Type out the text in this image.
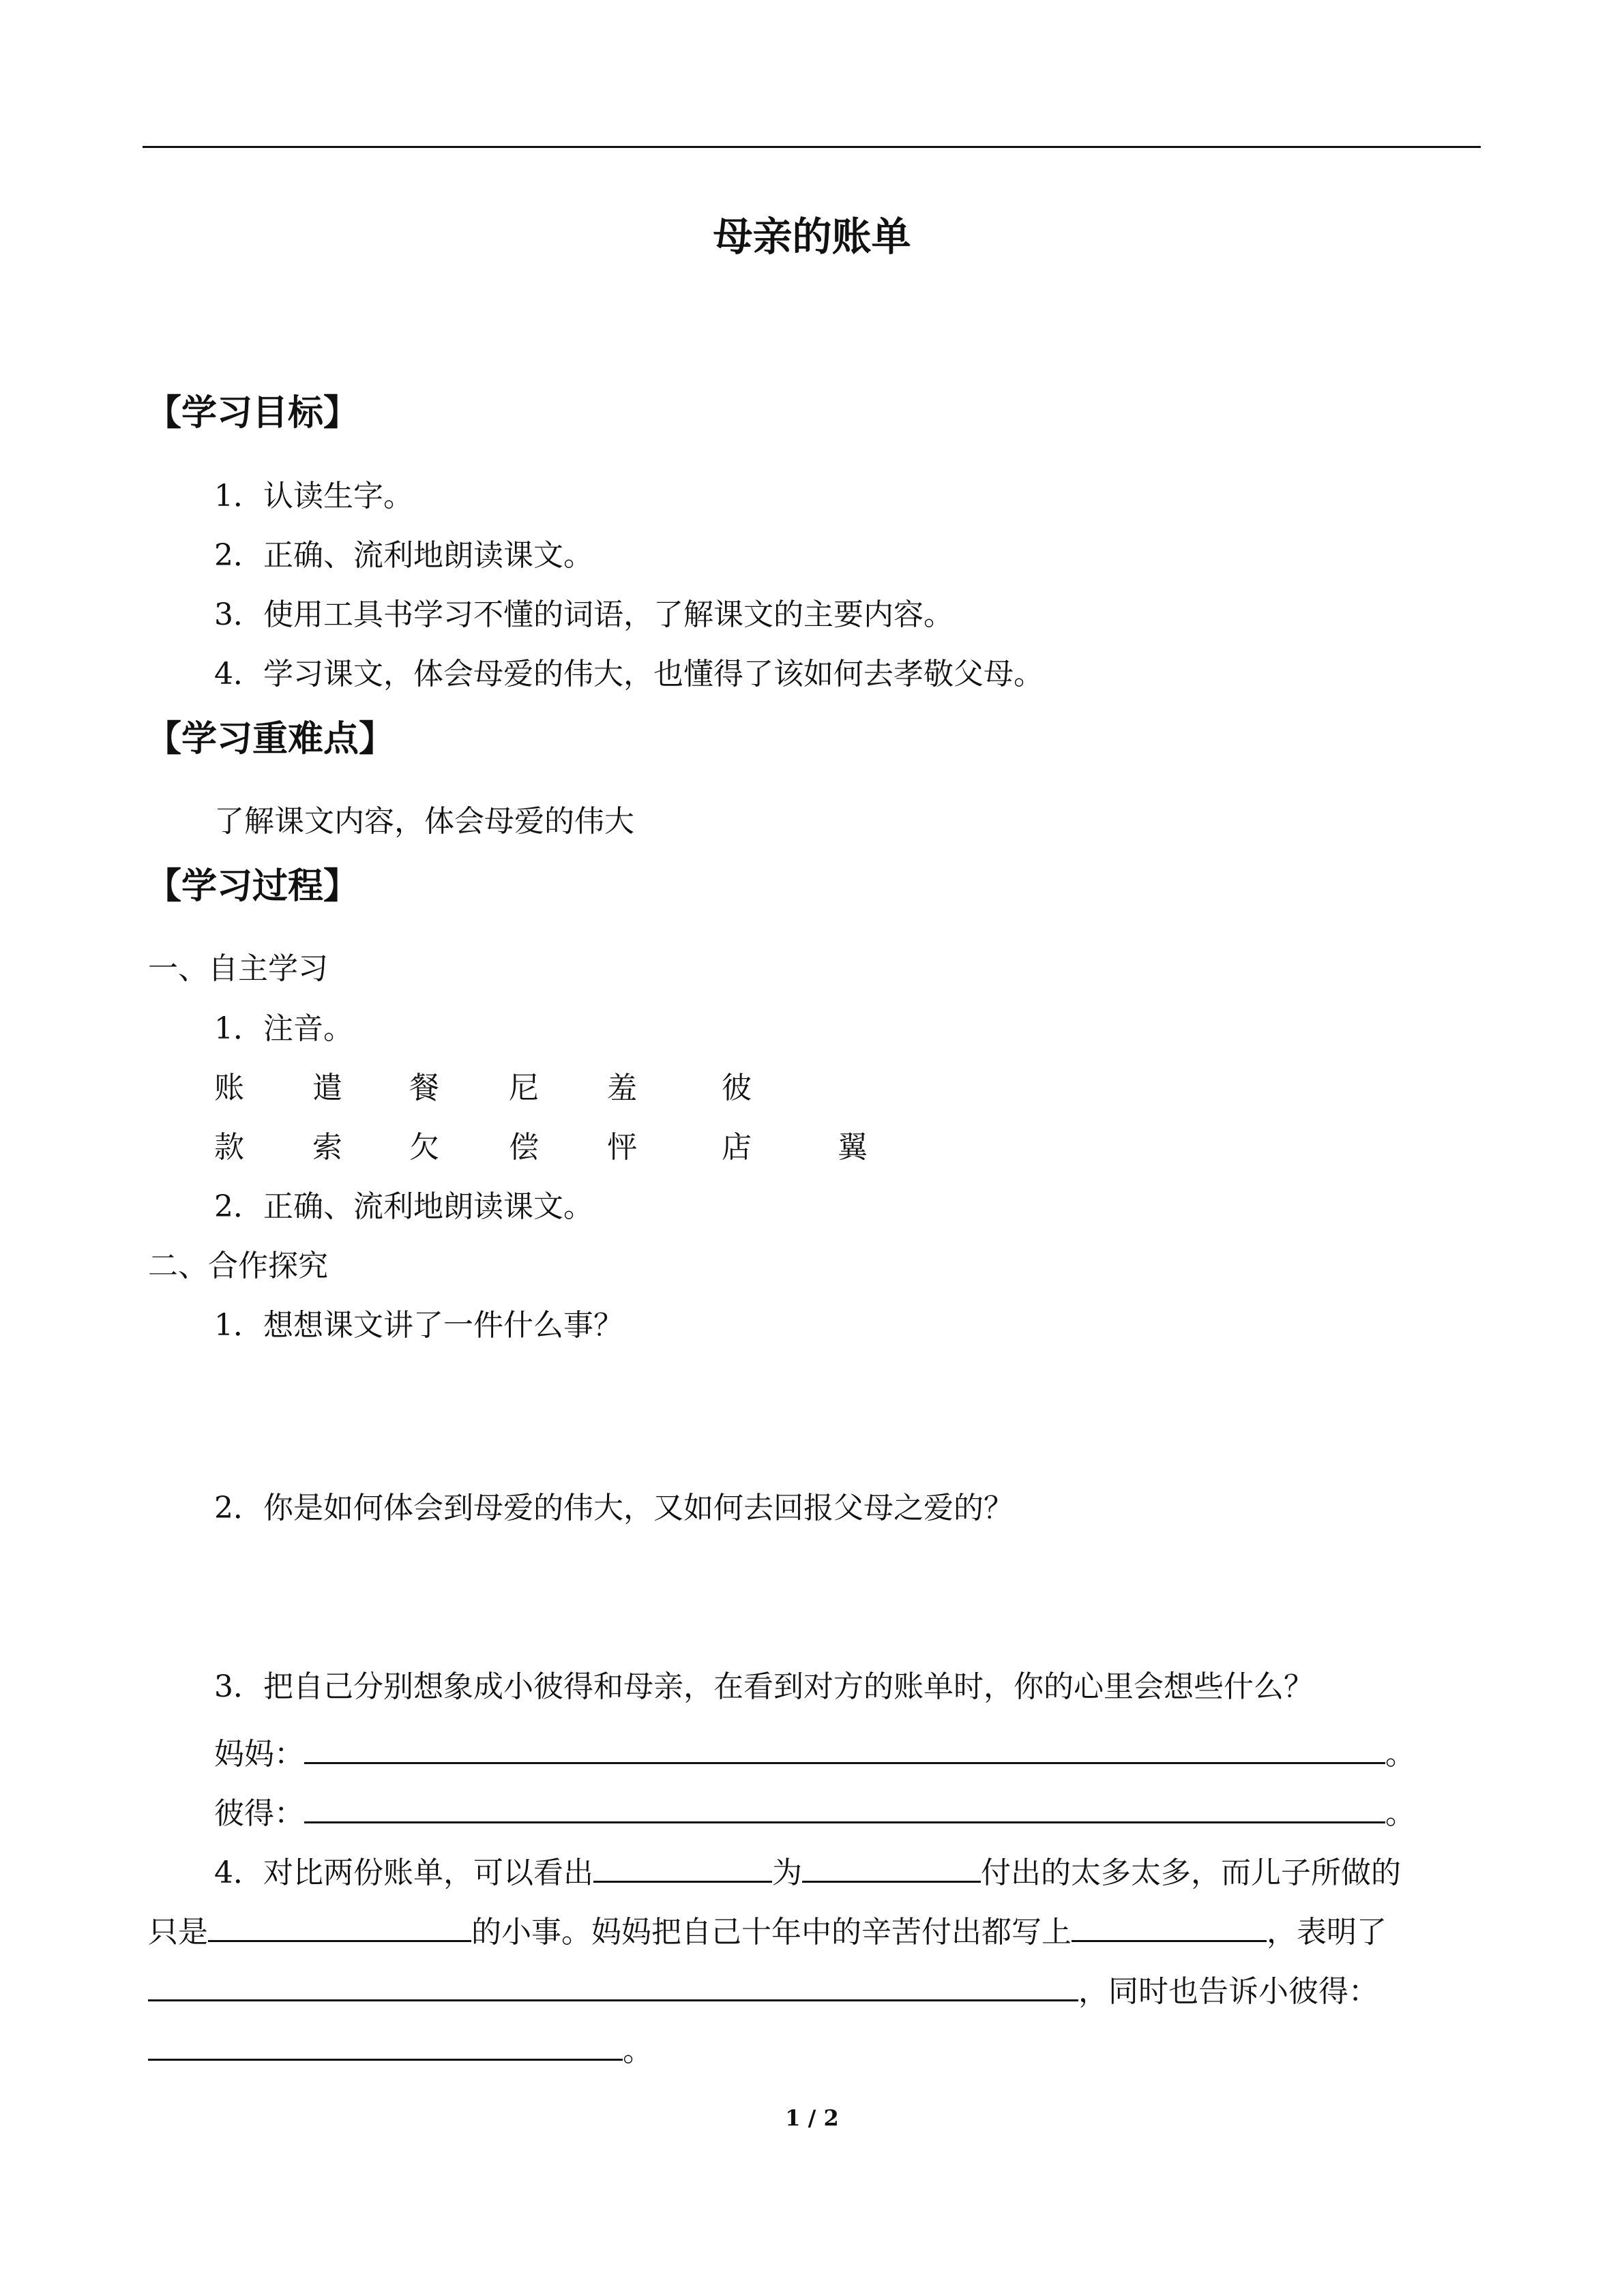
母亲的账单
【学习目标】
1．认读生字。
2．正确、流利地朗读课文。
3．使用工具书学习不懂的词语，了解课文的主要内容。
4．学习课文，体会母爱的伟大，也懂得了该如何去孝敬父母。
【学习重难点】
了解课文内容，体会母爱的伟大
【学习过程】
一、自主学习
1．注音。
账 遣 餐 尼 羞	彼
款 索 欠 偿 怦	店	翼
2．正确、流利地朗读课文。
二、合作探究
1．想想课文讲了一件什么事？
2．你是如何体会到母爱的伟大，又如何去回报父母之爱的？
3．把自己分别想象成小彼得和母亲，在看到对方的账单时，你的心里会想些什么？
妈妈：	。
彼得：	。
4．对比两份账单，可以看出	为	付出的太多太多，而儿子所做的
只是	的小事。妈妈把自己十年中的辛苦付出都写上	，表明了
，同时也告诉小彼得：
。
1 / 2
